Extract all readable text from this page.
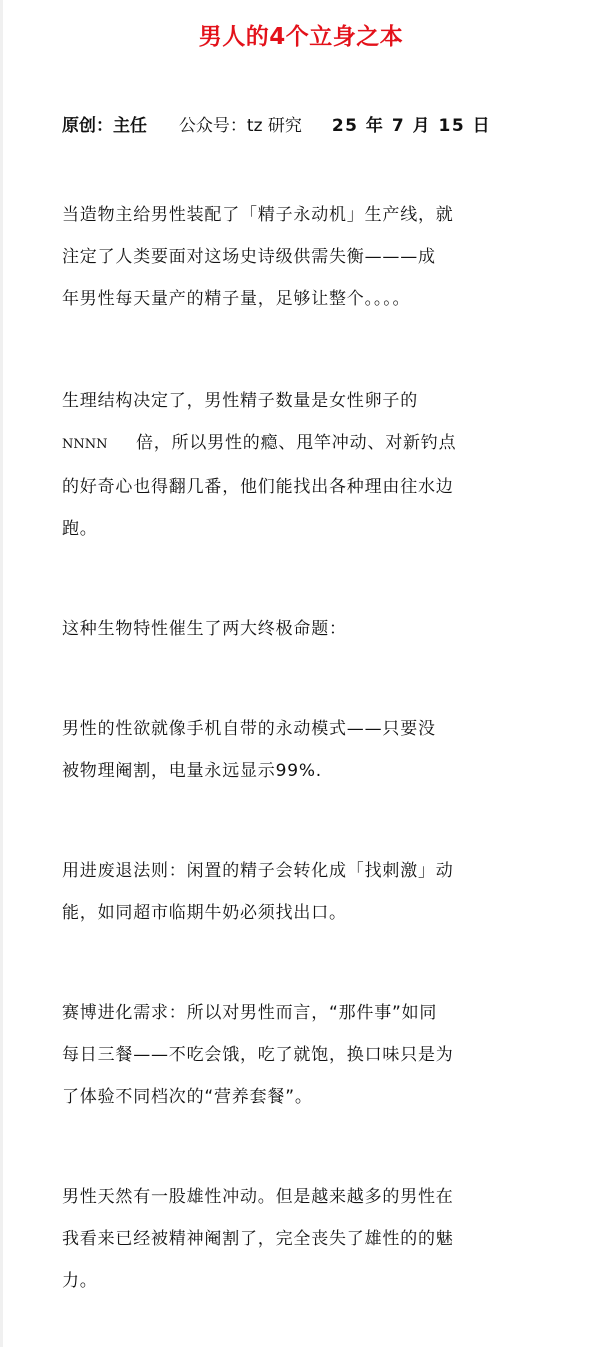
男人的4个立身之本
原创：主任 公众号：tz 研究 25 年 7 月 15 日

当造物主给男性装配了「精子永动机」生产线，就
注定了人类要面对这场史诗级供需失衡———成
年男性每天量产的精子量，足够让整个。。。。

生理结构决定了，男性精子数量是女性卵子的
NNNN 倍，所以男性的瘾、甩竿冲动、对新钓点
的好奇心也得翻几番，他们能找出各种理由往水边
跑。

这种生物特性催生了两大终极命题：

男性的性欲就像手机自带的永动模式——只要没
被物理阉割，电量永远显示99%.

用进废退法则：闲置的精子会转化成「找刺激」动
能，如同超市临期牛奶必须找出口。

赛博进化需求：所以对男性而言，“那件事”如同
每日三餐——不吃会饿，吃了就饱，换口味只是为
了体验不同档次的“营养套餐”。

男性天然有一股雄性冲动。但是越来越多的男性在
我看来已经被精神阉割了，完全丧失了雄性的的魅
力。
